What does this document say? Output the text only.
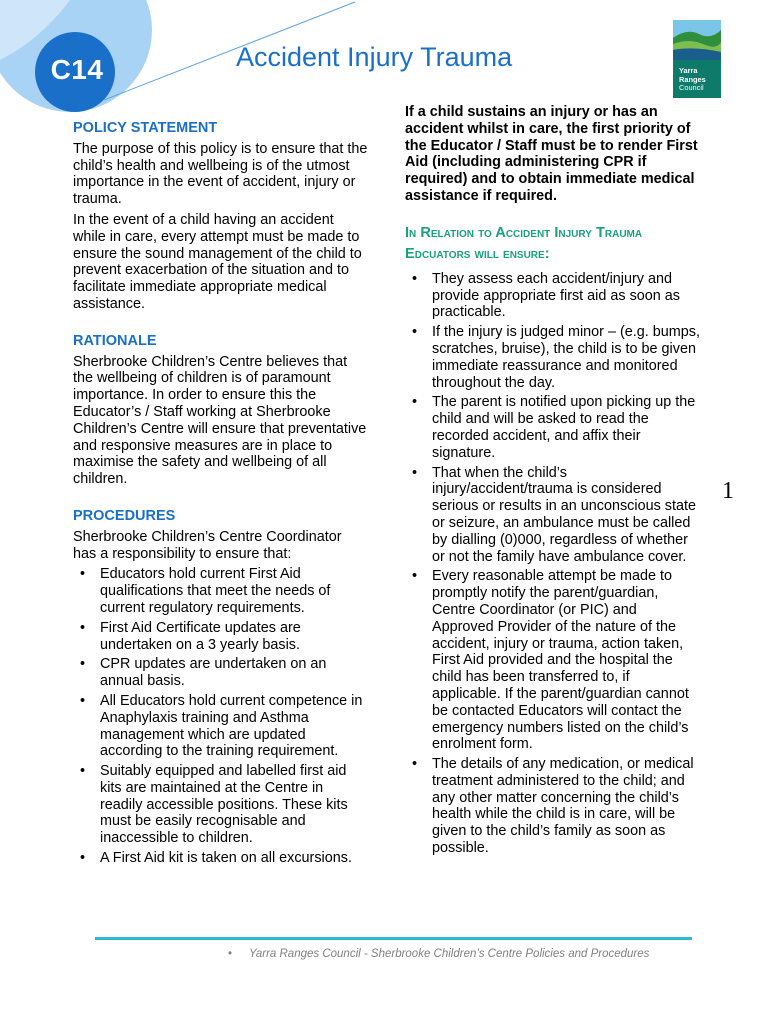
C14	Accident Injury Trauma	Yarra
Ranges
Council
POLICY STATEMENT

The purpose of this policy is to ensure that the child’s health and wellbeing is of the utmost importance in the event of accident, injury or trauma.

In the event of a child having an accident while in care, every attempt must be made to ensure the sound management of the child to prevent exacerbation of the situation and to facilitate immediate appropriate medical assistance.

RATIONALE

Sherbrooke Children’s Centre believes that the wellbeing of children is of paramount importance. In order to ensure this the Educator’s / Staff working at Sherbrooke Children’s Centre will ensure that preventative and responsive measures are in place to maximise the safety and wellbeing of all children.

PROCEDURES

Sherbrooke Children’s Centre Coordinator has a responsibility to ensure that:

• Educators hold current First Aid qualifications that meet the needs of current regulatory requirements.
• First Aid Certificate updates are undertaken on a 3 yearly basis.
• CPR updates are undertaken on an annual basis.
• All Educators hold current competence in Anaphylaxis training and Asthma management which are updated according to the training requirement.
• Suitably equipped and labelled first aid kits are maintained at the Centre in readily accessible positions. These kits must be easily recognisable and inaccessible to children.
• A First Aid kit is taken on all excursions.

If a child sustains an injury or has an accident whilst in care, the first priority of the Educator / Staff must be to render First Aid (including administering CPR if required) and to obtain immediate medical assistance if required.

In Relation to Accident Injury Trauma
Edcuators will ensure:
• They assess each accident/injury and provide appropriate first aid as soon as practicable.
• If the injury is judged minor – (e.g. bumps, scratches, bruise), the child is to be given immediate reassurance and monitored throughout the day.
• The parent is notified upon picking up the child and will be asked to read the recorded accident, and affix their signature.
• That when the child’s injury/accident/trauma is considered serious or results in an unconscious state or seizure, an ambulance must be called by dialling (0)000, regardless of whether or not the family have ambulance cover.
• Every reasonable attempt be made to promptly notify the parent/guardian, Centre Coordinator (or PIC) and Approved Provider of the nature of the accident, injury or trauma, action taken, First Aid provided and the hospital the child has been transferred to, if applicable. If the parent/guardian cannot be contacted Educators will contact the emergency numbers listed on the child’s enrolment form.
• The details of any medication, or medical treatment administered to the child; and any other matter concerning the child’s health while the child is in care, will be given to the child’s family as soon as possible.
1
• Yarra Ranges Council - Sherbrooke Children’s Centre Policies and Procedures
